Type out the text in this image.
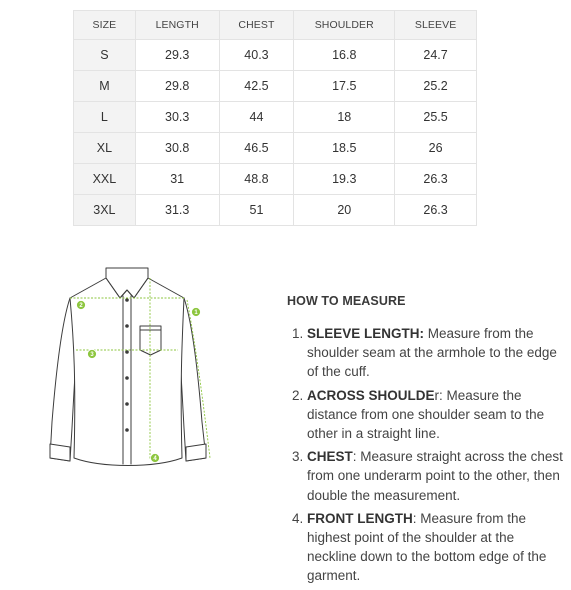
SIZE	LENGTH	CHEST	SHOULDER	SLEEVE
S	29.3	40.3	16.8	24.7
M	29.8	42.5	17.5	25.2
L	30.3	44	18	25.5
XL	30.8	46.5	18.5	26
XXL	31	48.8	19.3	26.3
3XL	31.3	51	20	26.3
1
2
3
4
HOW TO MEASURE
1. SLEEVE LENGTH: Measure from the shoulder seam at the armhole to the edge of the cuff.
2. ACROSS SHOULDEr: Measure the distance from one shoulder seam to the other in a straight line.
3. CHEST: Measure straight across the chest from one underarm point to the other, then double the measurement.
4. FRONT LENGTH: Measure from the highest point of the shoulder at the neckline down to the bottom edge of the garment.
